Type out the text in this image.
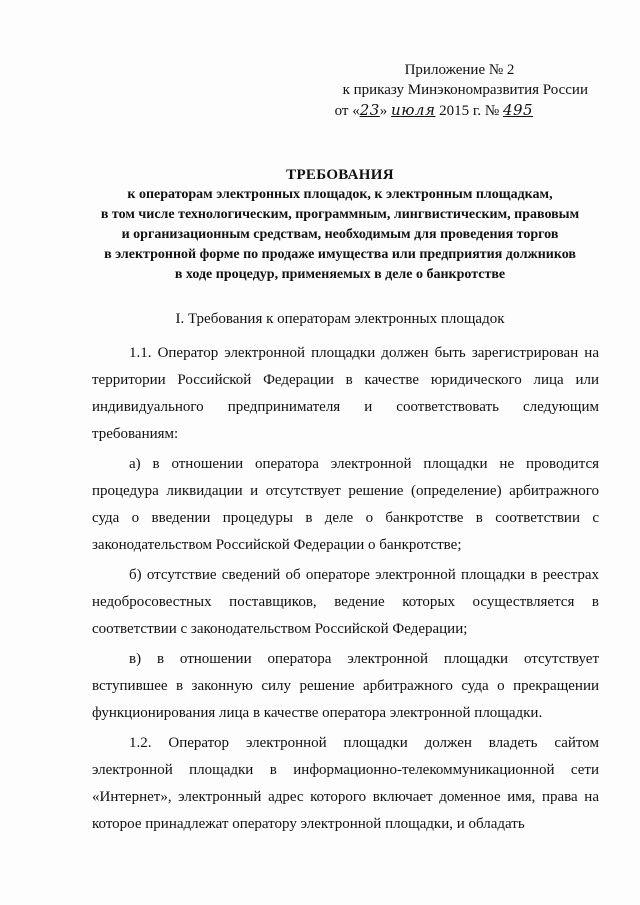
Приложение № 2
к приказу Минэкономразвития России
от «23» июля 2015 г. № 495
ТРЕБОВАНИЯ
к операторам электронных площадок, к электронным площадкам,
в том числе технологическим, программным, лингвистическим, правовым
и организационным средствам, необходимым для проведения торгов
в электронной форме по продаже имущества или предприятия должников
в ходе процедур, применяемых в деле о банкротстве
I. Требования к операторам электронных площадок

1.1. Оператор электронной площадки должен быть зарегистрирован на территории Российской Федерации в качестве юридического лица или индивидуального предпринимателя и соответствовать следующим требованиям:

а) в отношении оператора электронной площадки не проводится процедура ликвидации и отсутствует решение (определение) арбитражного суда о введении процедуры в деле о банкротстве в соответствии с законодательством Российской Федерации о банкротстве;

б) отсутствие сведений об операторе электронной площадки в реестрах недобросовестных поставщиков, ведение которых осуществляется в соответствии с законодательством Российской Федерации;

в) в отношении оператора электронной площадки отсутствует вступившее в законную силу решение арбитражного суда о прекращении функционирования лица в качестве оператора электронной площадки.

1.2. Оператор электронной площадки должен владеть сайтом электронной площадки в информационно-телекоммуникационной сети «Интернет», электронный адрес которого включает доменное имя, права на которое принадлежат оператору электронной площадки, и обладать
